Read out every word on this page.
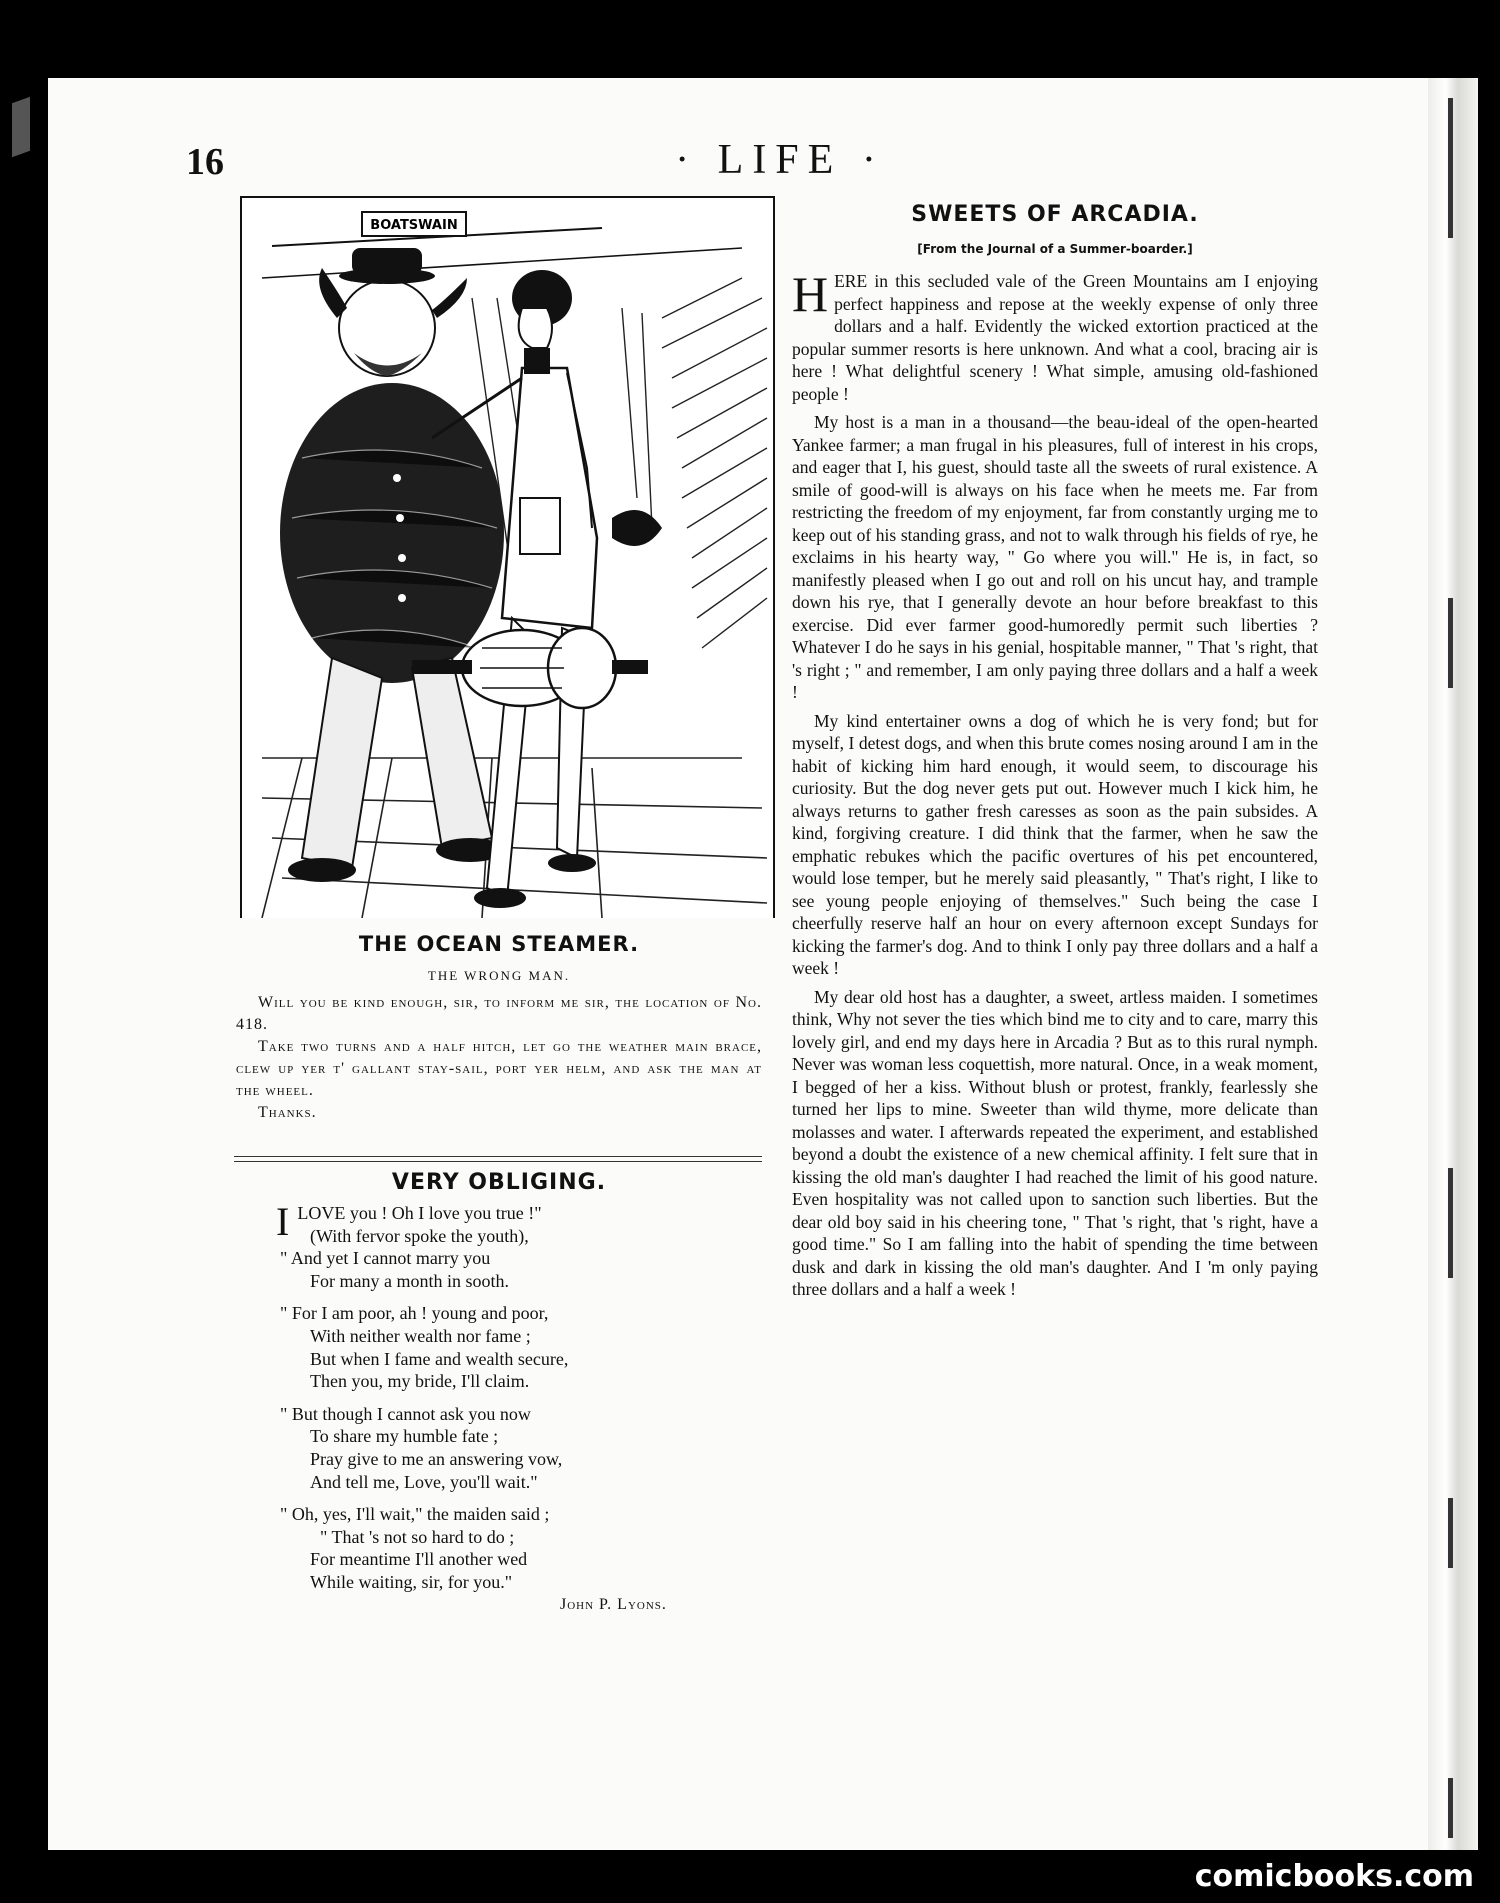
16	· LIFE ·
BOATSWAIN
THE OCEAN STEAMER.
THE WRONG MAN.

Will you be kind enough, sir, to inform me sir, the location of No. 418.

Take two turns and a half hitch, let go the weather main brace, clew up yer t' gallant stay-sail, port yer helm, and ask the man at the wheel.

Thanks.

VERY OBLIGING.
I LOVE you ! Oh I love you true !"
(With fervor spoke the youth),
" And yet I cannot marry you
For many a month in sooth.
" For I am poor, ah ! young and poor,
With neither wealth nor fame ;
But when I fame and wealth secure,
Then you, my bride, I'll claim.
" But though I cannot ask you now
To share my humble fate ;
Pray give to me an answering vow,
And tell me, Love, you'll wait."
" Oh, yes, I'll wait," the maiden said ;
" That 's not so hard to do ;
For meantime I'll another wed
While waiting, sir, for you."
John P. Lyons.
SWEETS OF ARCADIA.
[From the Journal of a Summer-boarder.]

HERE in this secluded vale of the Green Mountains am I enjoying perfect happiness and repose at the weekly expense of only three dollars and a half. Evidently the wicked extortion practiced at the popular summer resorts is here unknown. And what a cool, bracing air is here ! What delightful scenery ! What simple, amusing old-fashioned people !

My host is a man in a thousand—the beau-ideal of the open-hearted Yankee farmer; a man frugal in his pleasures, full of interest in his crops, and eager that I, his guest, should taste all the sweets of rural existence. A smile of good-will is always on his face when he meets me. Far from restricting the freedom of my enjoyment, far from constantly urging me to keep out of his standing grass, and not to walk through his fields of rye, he exclaims in his hearty way, " Go where you will." He is, in fact, so manifestly pleased when I go out and roll on his uncut hay, and trample down his rye, that I generally devote an hour before breakfast to this exercise. Did ever farmer good-humoredly permit such liberties ? Whatever I do he says in his genial, hospitable manner, " That 's right, that 's right ; " and remember, I am only paying three dollars and a half a week !

My kind entertainer owns a dog of which he is very fond; but for myself, I detest dogs, and when this brute comes nosing around I am in the habit of kicking him hard enough, it would seem, to discourage his curiosity. But the dog never gets put out. However much I kick him, he always returns to gather fresh caresses as soon as the pain subsides. A kind, forgiving creature. I did think that the farmer, when he saw the emphatic rebukes which the pacific overtures of his pet encountered, would lose temper, but he merely said pleasantly, " That's right, I like to see young people enjoying of themselves." Such being the case I cheerfully reserve half an hour on every afternoon except Sundays for kicking the farmer's dog. And to think I only pay three dollars and a half a week !

My dear old host has a daughter, a sweet, artless maiden. I sometimes think, Why not sever the ties which bind me to city and to care, marry this lovely girl, and end my days here in Arcadia ? But as to this rural nymph. Never was woman less coquettish, more natural. Once, in a weak moment, I begged of her a kiss. Without blush or protest, frankly, fearlessly she turned her lips to mine. Sweeter than wild thyme, more delicate than molasses and water. I afterwards repeated the experiment, and established beyond a doubt the existence of a new chemical affinity. I felt sure that in kissing the old man's daughter I had reached the limit of his good nature. Even hospitality was not called upon to sanction such liberties. But the dear old boy said in his cheering tone, " That 's right, that 's right, have a good time." So I am falling into the habit of spending the time between dusk and dark in kissing the old man's daughter. And I 'm only paying three dollars and a half a week !

comicbooks.com
